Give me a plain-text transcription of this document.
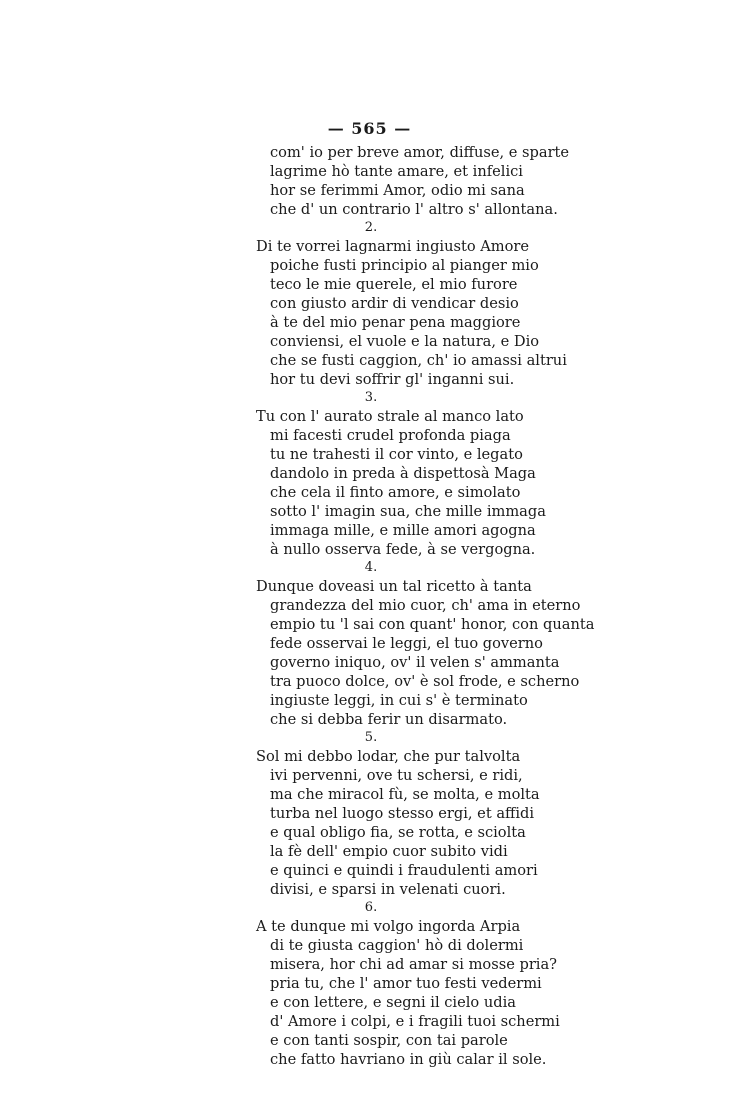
— 565 —
com' io per breve amor, diffuse, e sparte
lagrime hò tante amare, et infelici
hor se ferimmi Amor, odio mi sana
che d' un contrario l' altro s' allontana.
2.
Di te vorrei lagnarmi ingiusto Amore
poiche fusti principio al pianger mio
teco le mie querele, el mio furore
con giusto ardir di vendicar desio
à te del mio penar pena maggiore
conviensi, el vuole e la natura, e Dio
che se fusti caggion, ch' io amassi altrui
hor tu devi soffrir gl' inganni sui.
3.
Tu con l' aurato strale al manco lato
mi facesti crudel profonda piaga
tu ne trahesti il cor vinto, e legato
dandolo in preda à dispettosà Maga
che cela il finto amore, e simolato
sotto l' imagin sua, che mille immaga
immaga mille, e mille amori agogna
à nullo osserva fede, à se vergogna.
4.
Dunque doveasi un tal ricetto à tanta
grandezza del mio cuor, ch' ama in eterno
empio tu 'l sai con quant' honor, con quanta
fede osservai le leggi, el tuo governo
governo iniquo, ov' il velen s' ammanta
tra puoco dolce, ov' è sol frode, e scherno
ingiuste leggi, in cui s' è terminato
che si debba ferir un disarmato.
5.
Sol mi debbo lodar, che pur talvolta
ivi pervenni, ove tu schersi, e ridi,
ma che miracol fù, se molta, e molta
turba nel luogo stesso ergi, et affidi
e qual obligo fia, se rotta, e sciolta
la fè dell' empio cuor subito vidi
e quinci e quindi i fraudulenti amori
divisi, e sparsi in velenati cuori.
6.
A te dunque mi volgo ingorda Arpia
di te giusta caggion' hò di dolermi
misera, hor chi ad amar si mosse pria?
pria tu, che l' amor tuo festi vedermi
e con lettere, e segni il cielo udia
d' Amore i colpi, e i fragili tuoi schermi
e con tanti sospir, con tai parole
che fatto havriano in giù calar il sole.
